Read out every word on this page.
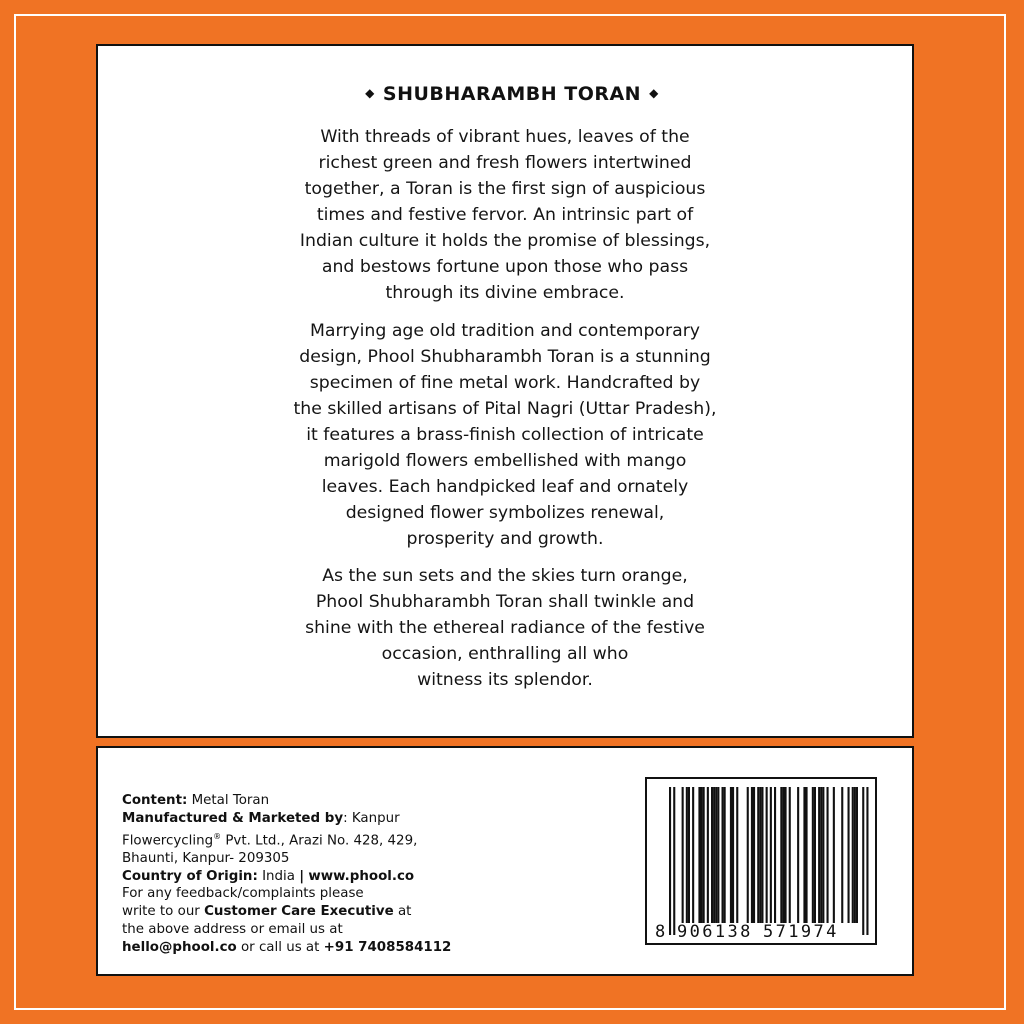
◆ SHUBHARAMBH TORAN ◆
With threads of vibrant hues, leaves of the
richest green and fresh flowers intertwined
together, a Toran is the first sign of auspicious
times and festive fervor. An intrinsic part of
Indian culture it holds the promise of blessings,
and bestows fortune upon those who pass
through its divine embrace.
Marrying age old tradition and contemporary
design, Phool Shubharambh Toran is a stunning
specimen of fine metal work. Handcrafted by
the skilled artisans of Pital Nagri (Uttar Pradesh),
it features a brass-finish collection of intricate
marigold flowers embellished with mango
leaves. Each handpicked leaf and ornately
designed flower symbolizes renewal,
prosperity and growth.
As the sun sets and the skies turn orange,
Phool Shubharambh Toran shall twinkle and
shine with the ethereal radiance of the festive
occasion, enthralling all who
witness its splendor.
Content: Metal Toran
Manufactured & Marketed by: Kanpur
Flowercycling® Pvt. Ltd., Arazi No. 428, 429,
Bhaunti, Kanpur- 209305
Country of Origin: India | www.phool.co
For any feedback/complaints please
write to our Customer Care Executive at
the above address or email us at
hello@phool.co or call us at +91 7408584112
8 906138 571974
